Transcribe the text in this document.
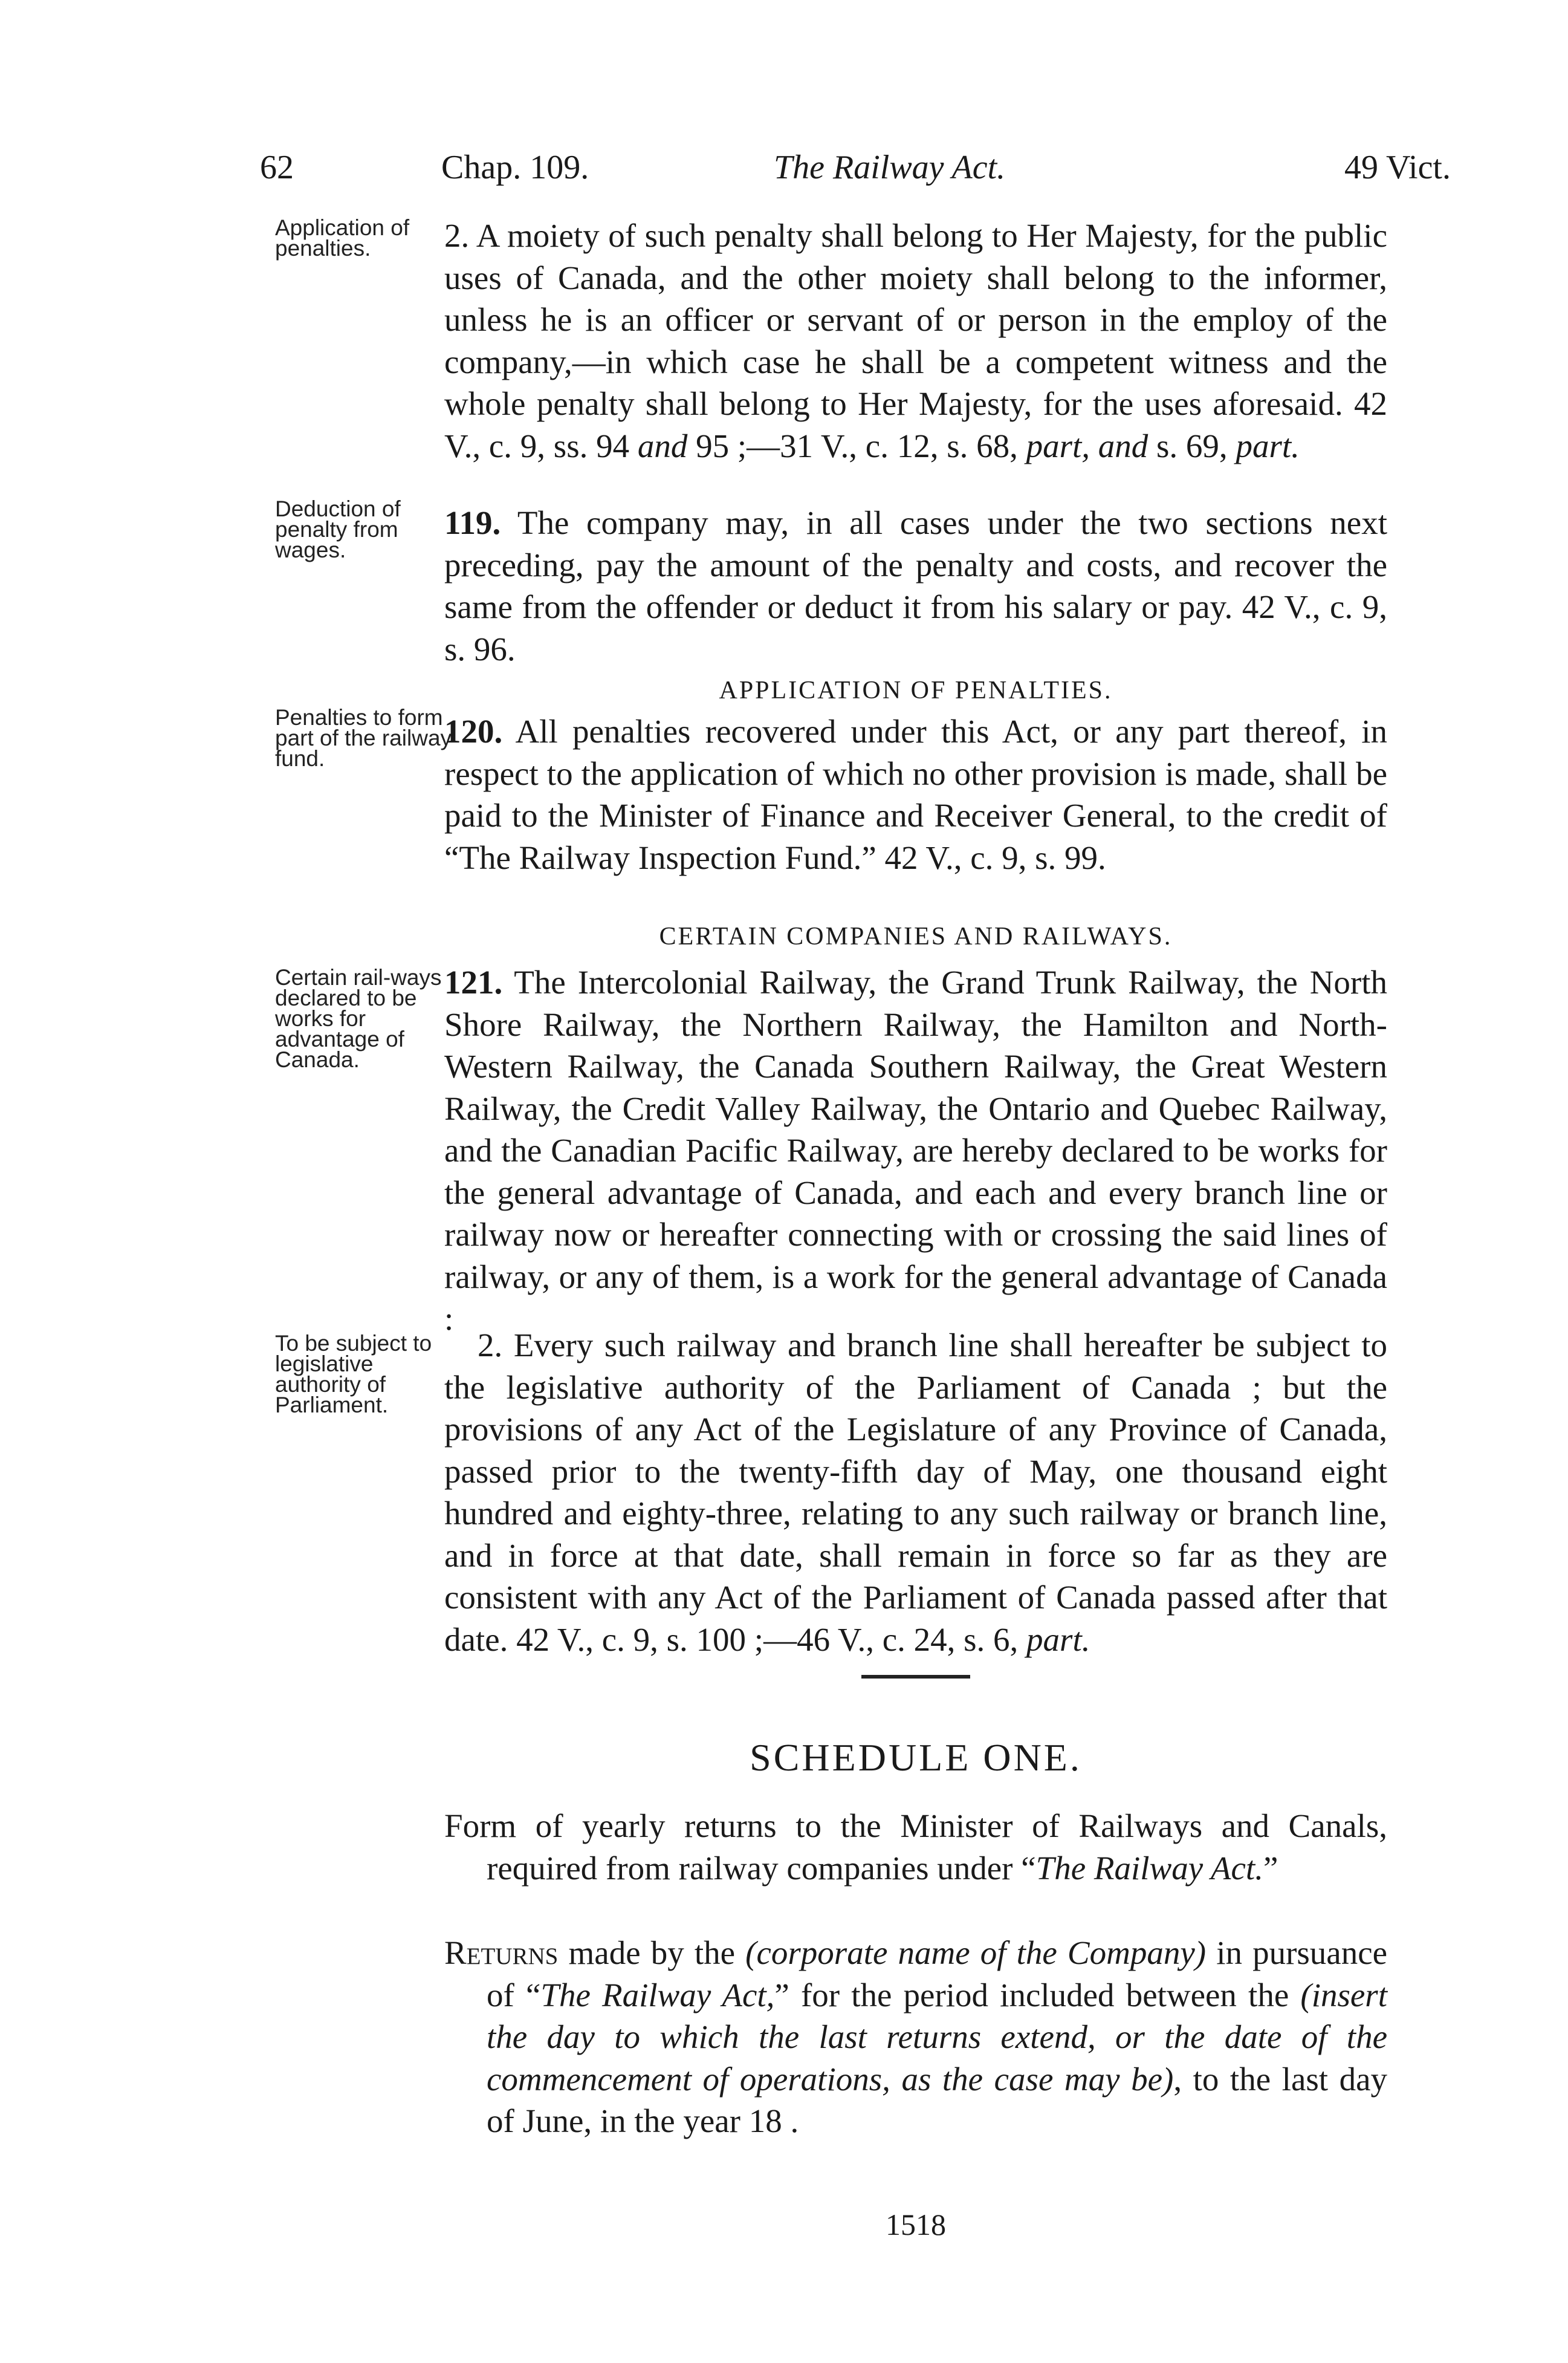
62	Chap. 109.	The Railway Act.	49 Vict.

Application of penalties.

Deduction of penalty from wages.

Penalties to form part of the railway fund.

Certain rail-ways declared to be works for advantage of Canada.

To be subject to legislative authority of Parliament.

2. A moiety of such penalty shall belong to Her Majesty, for the public uses of Canada, and the other moiety shall belong to the informer, unless he is an officer or servant of or person in the employ of the company,—in which case he shall be a competent witness and the whole penalty shall belong to Her Majesty, for the uses aforesaid. 42 V., c. 9, ss. 94 and 95 ;—31 V., c. 12, s. 68, part, and s. 69, part.

119. The company may, in all cases under the two sections next preceding, pay the amount of the penalty and costs, and recover the same from the offender or deduct it from his salary or pay. 42 V., c. 9, s. 96.

APPLICATION OF PENALTIES.

120. All penalties recovered under this Act, or any part thereof, in respect to the application of which no other provision is made, shall be paid to the Minister of Finance and Receiver General, to the credit of “The Railway Inspection Fund.” 42 V., c. 9, s. 99.

CERTAIN COMPANIES AND RAILWAYS.

121. The Intercolonial Railway, the Grand Trunk Railway, the North Shore Railway, the Northern Railway, the Hamilton and North-Western Railway, the Canada Southern Railway, the Great Western Railway, the Credit Valley Railway, the Ontario and Quebec Railway, and the Canadian Pacific Railway, are hereby declared to be works for the general advantage of Canada, and each and every branch line or railway now or hereafter connecting with or crossing the said lines of railway, or any of them, is a work for the general advantage of Canada :

2. Every such railway and branch line shall hereafter be subject to the legislative authority of the Parliament of Canada ; but the provisions of any Act of the Legislature of any Province of Canada, passed prior to the twenty-fifth day of May, one thousand eight hundred and eighty-three, relating to any such railway or branch line, and in force at that date, shall remain in force so far as they are consistent with any Act of the Parliament of Canada passed after that date. 42 V., c. 9, s. 100 ;—46 V., c. 24, s. 6, part.

SCHEDULE ONE.

Form of yearly returns to the Minister of Railways and Canals, required from railway companies under “The Railway Act.”

Returns made by the (corporate name of the Company) in pursuance of “The Railway Act,” for the period included between the (insert the day to which the last returns extend, or the date of the commencement of operations, as the case may be), to the last day of June, in the year 18 .

1518
